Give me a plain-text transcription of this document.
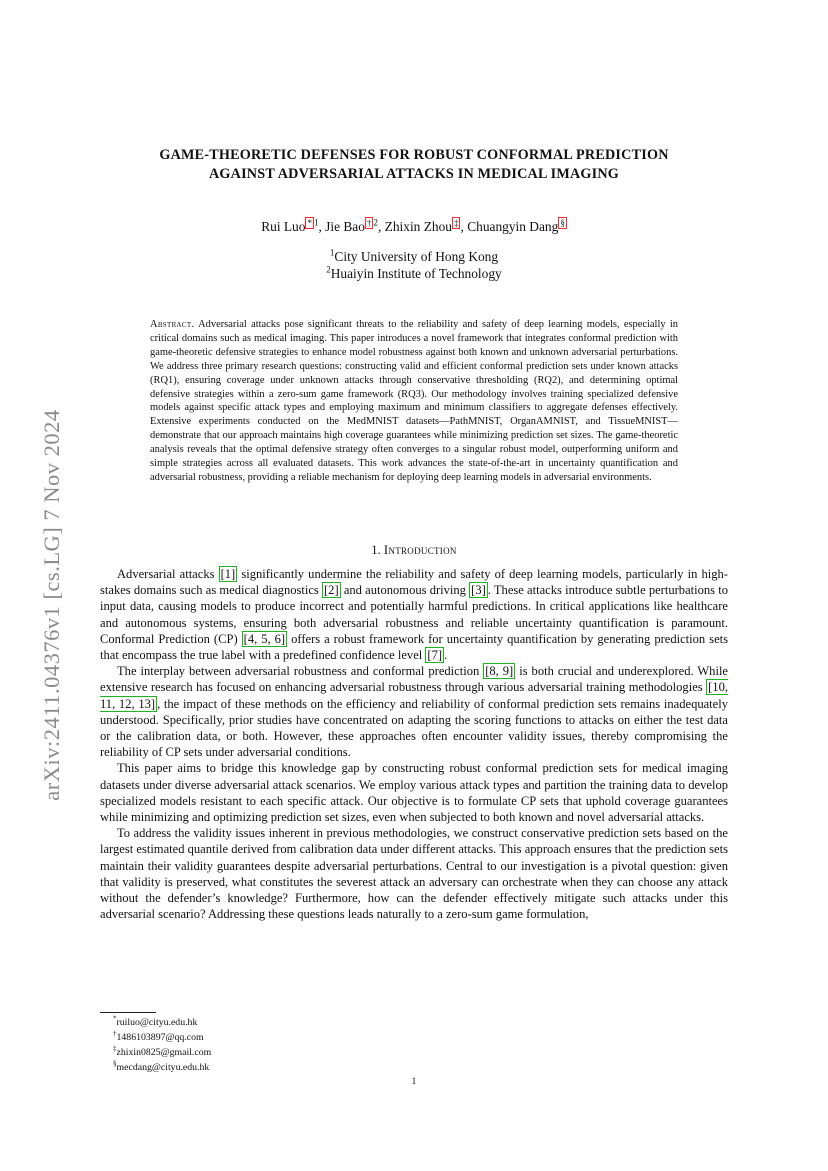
arXiv:2411.04376v1 [cs.LG] 7 Nov 2024
GAME-THEORETIC DEFENSES FOR ROBUST CONFORMAL PREDICTION
AGAINST ADVERSARIAL ATTACKS IN MEDICAL IMAGING
Rui Luo * $^1$, Jie Bao † $^2$, Zhixin Zhou ‡ , Chuangyin Dang §
$^1$City University of Hong Kong
$^2$Huaiyin Institute of Technology
Abstract. Adversarial attacks pose significant threats to the reliability and safety of deep learning models, especially in critical domains such as medical imaging. This paper introduces a novel framework that integrates conformal prediction with game-theoretic defensive strategies to enhance model robustness against both known and unknown adversarial perturbations. We address three primary research questions: constructing valid and efficient conformal prediction sets under known attacks (RQ1), ensuring coverage under unknown attacks through conservative thresholding (RQ2), and determining optimal defensive strategies within a zero-sum game framework (RQ3). Our methodology involves training specialized defensive models against specific attack types and employing maximum and minimum classifiers to aggregate defenses effectively. Extensive experiments conducted on the MedMNIST datasets—PathMNIST, OrganAMNIST, and TissueMNIST—demonstrate that our approach maintains high coverage guarantees while minimizing prediction set sizes. The game-theoretic analysis reveals that the optimal defensive strategy often converges to a singular robust model, outperforming uniform and simple strategies across all evaluated datasets. This work advances the state-of-the-art in uncertainty quantification and adversarial robustness, providing a reliable mechanism for deploying deep learning models in adversarial environments.
1. Introduction

Adversarial attacks [1] significantly undermine the reliability and safety of deep learning models, particularly in high-stakes domains such as medical diagnostics [2] and autonomous driving [3] . These attacks introduce subtle perturbations to input data, causing models to produce incorrect and potentially harmful predictions. In critical applications like healthcare and autonomous systems, ensuring both adversarial robustness and reliable uncertainty quantification is paramount. Conformal Prediction (CP) [4, 5, 6] offers a robust framework for uncertainty quantification by generating prediction sets that encompass the true label with a predefined confidence level [7] .

The interplay between adversarial robustness and conformal prediction [8, 9] is both crucial and underexplored. While extensive research has focused on enhancing adversarial robustness through various adversarial training methodologies [10, 11, 12, 13] , the impact of these methods on the efficiency and reliability of conformal prediction sets remains inadequately understood. Specifically, prior studies have concentrated on adapting the scoring functions to attacks on either the test data or the calibration data, or both. However, these approaches often encounter validity issues, thereby compromising the reliability of CP sets under adversarial conditions.

This paper aims to bridge this knowledge gap by constructing robust conformal prediction sets for medical imaging datasets under diverse adversarial attack scenarios. We employ various attack types and partition the training data to develop specialized models resistant to each specific attack. Our objective is to formulate CP sets that uphold coverage guarantees while minimizing and optimizing prediction set sizes, even when subjected to both known and novel adversarial attacks.

To address the validity issues inherent in previous methodologies, we construct conservative prediction sets based on the largest estimated quantile derived from calibration data under different attacks. This approach ensures that the prediction sets maintain their validity guarantees despite adversarial perturbations. Central to our investigation is a pivotal question: given that validity is preserved, what constitutes the severest attack an adversary can orchestrate when they can choose any attack without the defender’s knowledge? Furthermore, how can the defender effectively mitigate such attacks under this adversarial scenario? Addressing these questions leads naturally to a zero-sum game formulation,

*ruiluo@cityu.edu.hk
†1486103897@qq.com
‡zhixin0825@gmail.com
§mecdang@cityu.edu.hk
1
